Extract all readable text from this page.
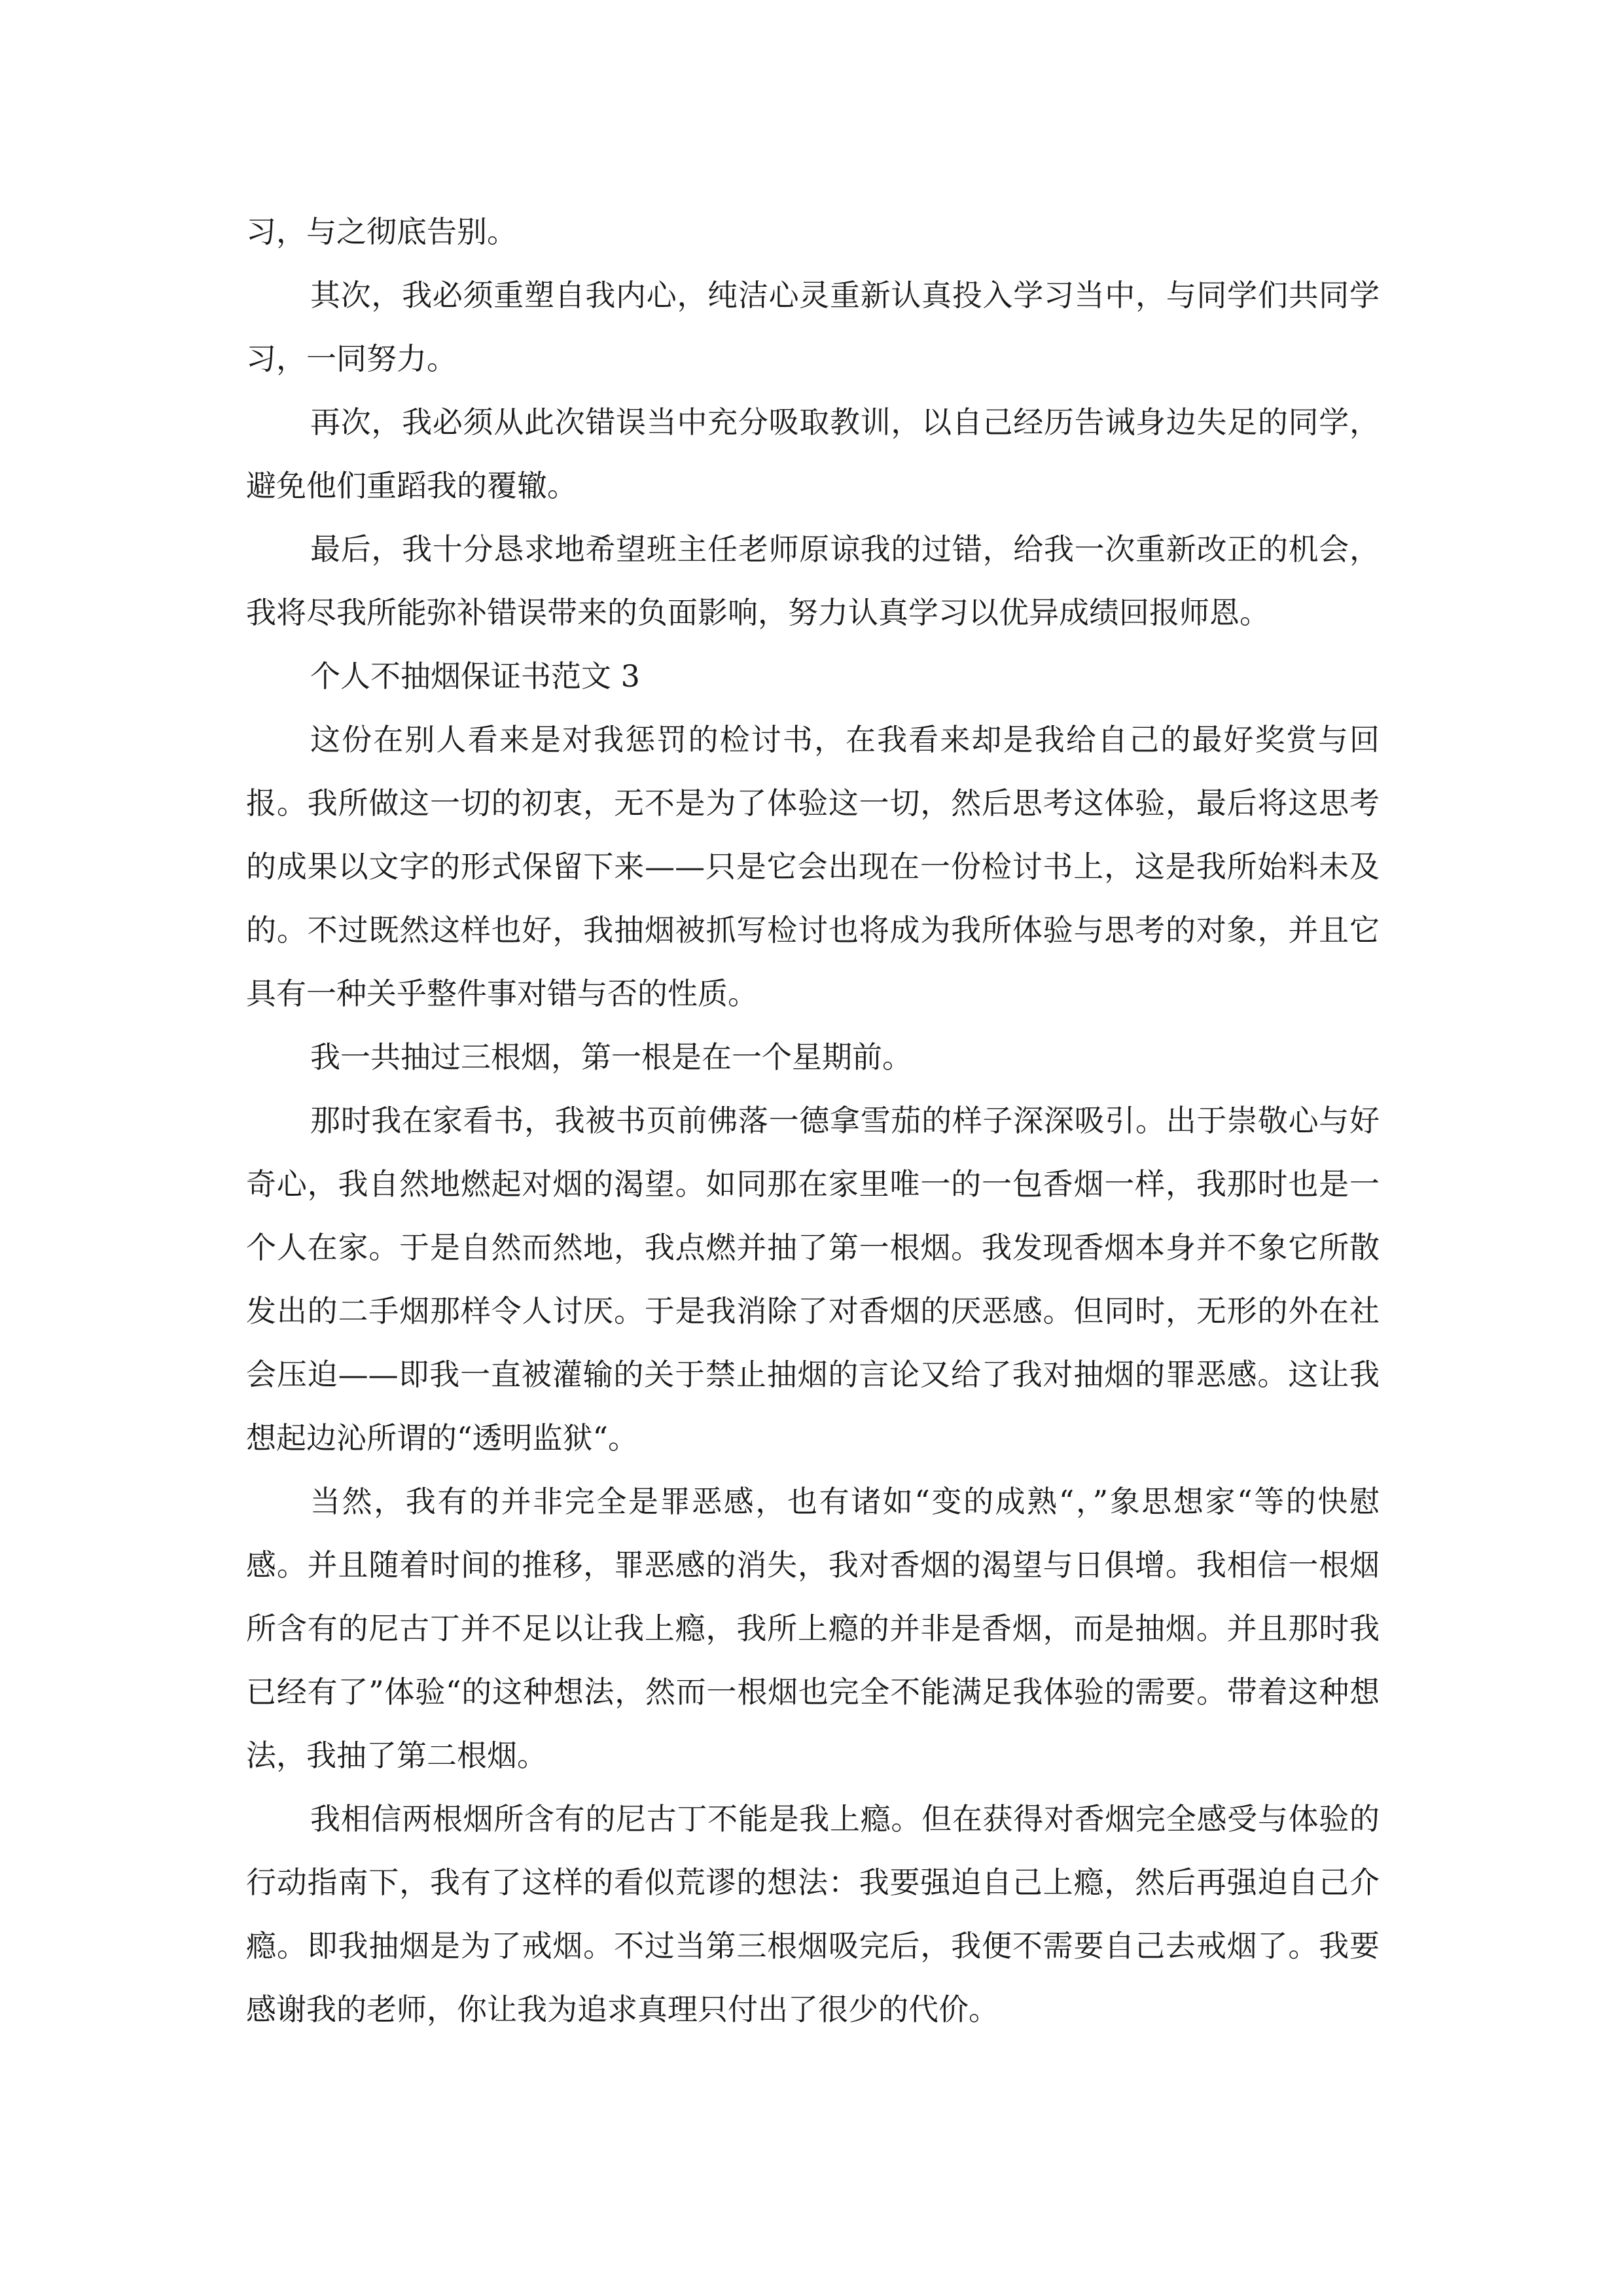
习，与之彻底告别。

其次，我必须重塑自我内心，纯洁心灵重新认真投入学习当中，与同学们共同学习，一同努力。

再次，我必须从此次错误当中充分吸取教训，以自己经历告诫身边失足的同学，避免他们重蹈我的覆辙。

最后，我十分恳求地希望班主任老师原谅我的过错，给我一次重新改正的机会，我将尽我所能弥补错误带来的负面影响，努力认真学习以优异成绩回报师恩。

个人不抽烟保证书范文 3

这份在别人看来是对我惩罚的检讨书，在我看来却是我给自己的最好奖赏与回报。我所做这一切的初衷，无不是为了体验这一切，然后思考这体验，最后将这思考的成果以文字的形式保留下来——只是它会出现在一份检讨书上，这是我所始料未及的。不过既然这样也好，我抽烟被抓写检讨也将成为我所体验与思考的对象，并且它具有一种关乎整件事对错与否的性质。

我一共抽过三根烟，第一根是在一个星期前。

那时我在家看书，我被书页前佛落一德拿雪茄的样子深深吸引。出于崇敬心与好奇心，我自然地燃起对烟的渴望。如同那在家里唯一的一包香烟一样，我那时也是一个人在家。于是自然而然地，我点燃并抽了第一根烟。我发现香烟本身并不象它所散发出的二手烟那样令人讨厌。于是我消除了对香烟的厌恶感。但同时，无形的外在社会压迫——即我一直被灌输的关于禁止抽烟的言论又给了我对抽烟的罪恶感。这让我想起边沁所谓的“透明监狱“。

当然，我有的并非完全是罪恶感，也有诸如“变的成熟“，”象思想家“等的快慰感。并且随着时间的推移，罪恶感的消失，我对香烟的渴望与日俱增。我相信一根烟所含有的尼古丁并不足以让我上瘾，我所上瘾的并非是香烟，而是抽烟。并且那时我已经有了”体验“的这种想法，然而一根烟也完全不能满足我体验的需要。带着这种想法，我抽了第二根烟。

我相信两根烟所含有的尼古丁不能是我上瘾。但在获得对香烟完全感受与体验的行动指南下，我有了这样的看似荒谬的想法：我要强迫自己上瘾，然后再强迫自己介瘾。即我抽烟是为了戒烟。不过当第三根烟吸完后，我便不需要自己去戒烟了。我要感谢我的老师，你让我为追求真理只付出了很少的代价。
